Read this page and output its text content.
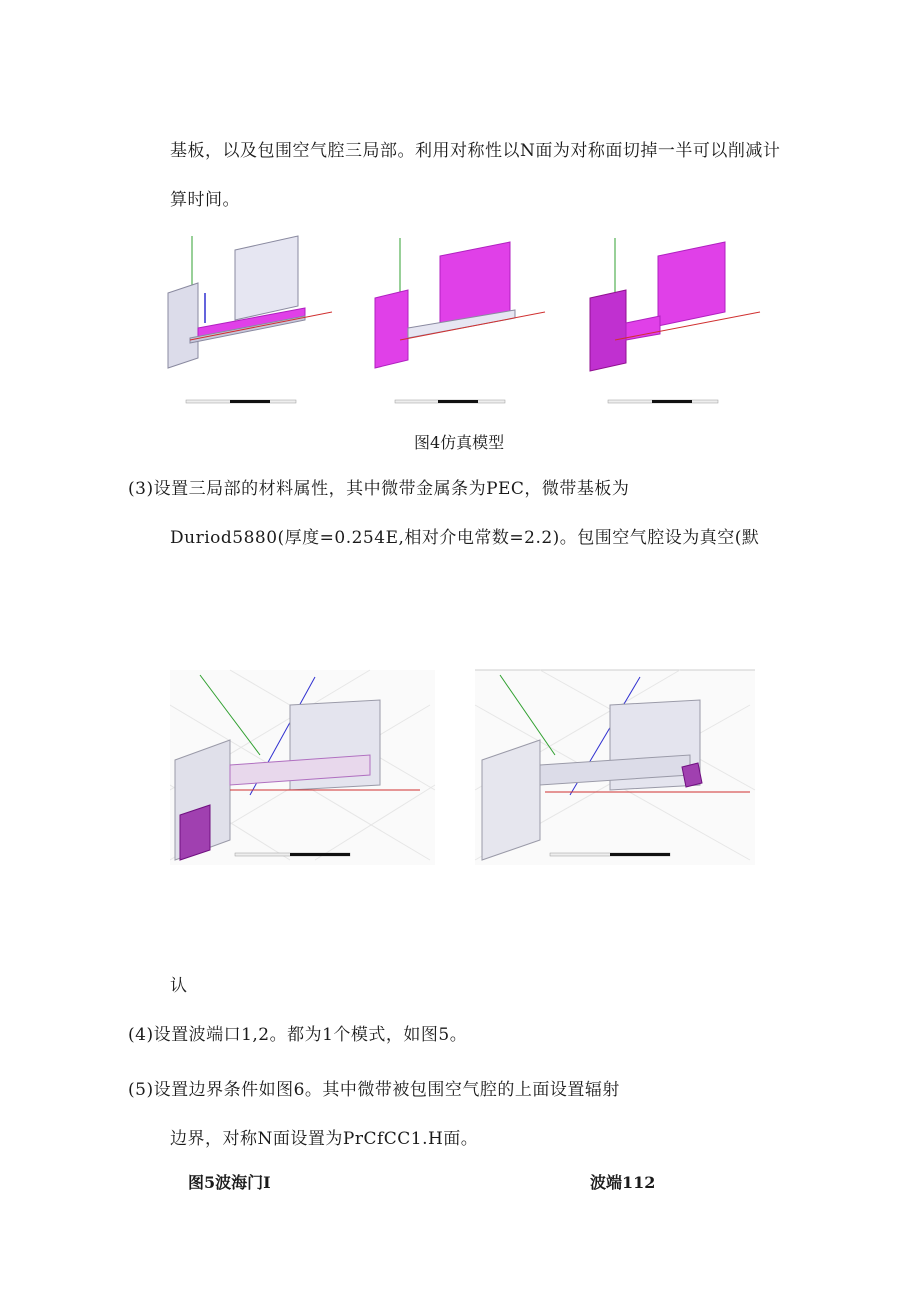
基板，以及包围空气腔三局部。利用对称性以N面为对称面切掉一半可以削减计
算时间。
图4仿真模型
(3)设置三局部的材料属性，其中微带金属条为PEC，微带基板为
Duriod5880(厚度=0.254E,相对介电常数=2.2)。包围空气腔设为真空(默
认
(4)设置波端口1,2。都为1个模式，如图5。
(5)设置边界条件如图6。其中微带被包围空气腔的上面设置辐射
边界，对称N面设置为PrCfCC1.H面。
图5波海门I	波端112
